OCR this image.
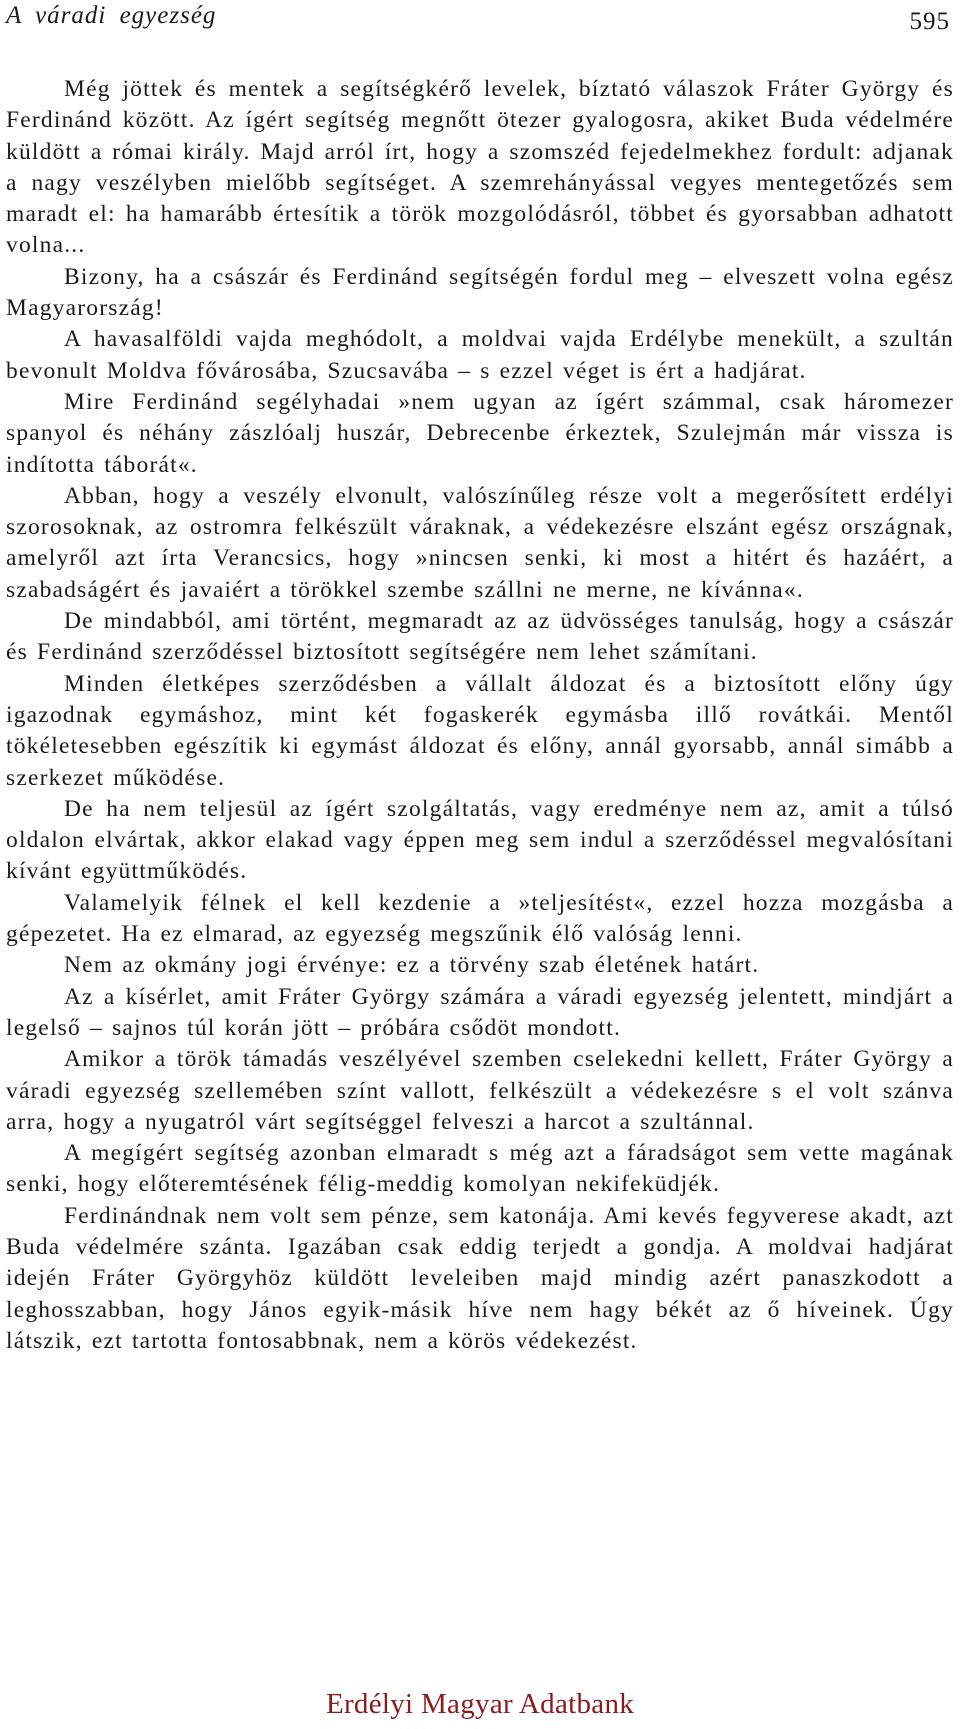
A váradi egyezség	595

Még jöttek és mentek a segítségkérő levelek, bíztató válaszok Fráter György és Ferdinánd között. Az ígért segítség megnőtt ötezer gyalogosra, akiket Buda védelmére küldött a római király. Majd arról írt, hogy a szomszéd fejedelmekhez fordult: adjanak a nagy veszélyben mielőbb segítséget. A szemrehányással vegyes mentegetőzés sem maradt el: ha hamarább értesítik a török mozgolódásról, többet és gyorsabban adhatott volna...

Bizony, ha a császár és Ferdinánd segítségén fordul meg – elveszett volna egész Magyarország!

A havasalföldi vajda meghódolt, a moldvai vajda Erdélybe menekült, a szultán bevonult Moldva fővárosába, Szucsavába – s ezzel véget is ért a hadjárat.

Mire Ferdinánd segélyhadai »nem ugyan az ígért számmal, csak háromezer spanyol és néhány zászlóalj huszár, Debrecenbe érkeztek, Szulejmán már vissza is indította táborát«.

Abban, hogy a veszély elvonult, valószínűleg része volt a megerősített erdélyi szorosoknak, az ostromra felkészült váraknak, a védekezésre elszánt egész országnak, amelyről azt írta Verancsics, hogy »nincsen senki, ki most a hitért és hazáért, a szabadságért és javaiért a törökkel szembe szállni ne merne, ne kívánna«.

De mindabból, ami történt, megmaradt az az üdvösséges tanulság, hogy a császár és Ferdinánd szerződéssel biztosított segítségére nem lehet számítani.

Minden életképes szerződésben a vállalt áldozat és a biztosított előny úgy igazodnak egymáshoz, mint két fogaskerék egymásba illő rovátkái. Mentől tökéletesebben egészítik ki egymást áldozat és előny, annál gyorsabb, annál simább a szerkezet működése.

De ha nem teljesül az ígért szolgáltatás, vagy eredménye nem az, amit a túlsó oldalon elvártak, akkor elakad vagy éppen meg sem indul a szerződéssel megvalósítani kívánt együttműködés.

Valamelyik félnek el kell kezdenie a »teljesítést«, ezzel hozza mozgásba a gépezetet. Ha ez elmarad, az egyezség megszűnik élő valóság lenni.

Nem az okmány jogi érvénye: ez a törvény szab életének határt.

Az a kísérlet, amit Fráter György számára a váradi egyezség jelentett, mindjárt a legelső – sajnos túl korán jött – próbára csődöt mondott.

Amikor a török támadás veszélyével szemben cselekedni kellett, Fráter György a váradi egyezség szellemében színt vallott, felkészült a védekezésre s el volt szánva arra, hogy a nyugatról várt segítséggel felveszi a harcot a szultánnal.

A megígért segítség azonban elmaradt s még azt a fáradságot sem vette magának senki, hogy előteremtésének félig-meddig komolyan nekifeküdjék.

Ferdinándnak nem volt sem pénze, sem katonája. Ami kevés fegyverese akadt, azt Buda védelmére szánta. Igazában csak eddig terjedt a gondja. A moldvai hadjárat idején Fráter Györgyhöz küldött leveleiben majd mindig azért panaszkodott a leghosszabban, hogy János egyik-másik híve nem hagy békét az ő híveinek. Úgy látszik, ezt tartotta fontosabbnak, nem a körös védekezést.

Erdélyi Magyar Adatbank
